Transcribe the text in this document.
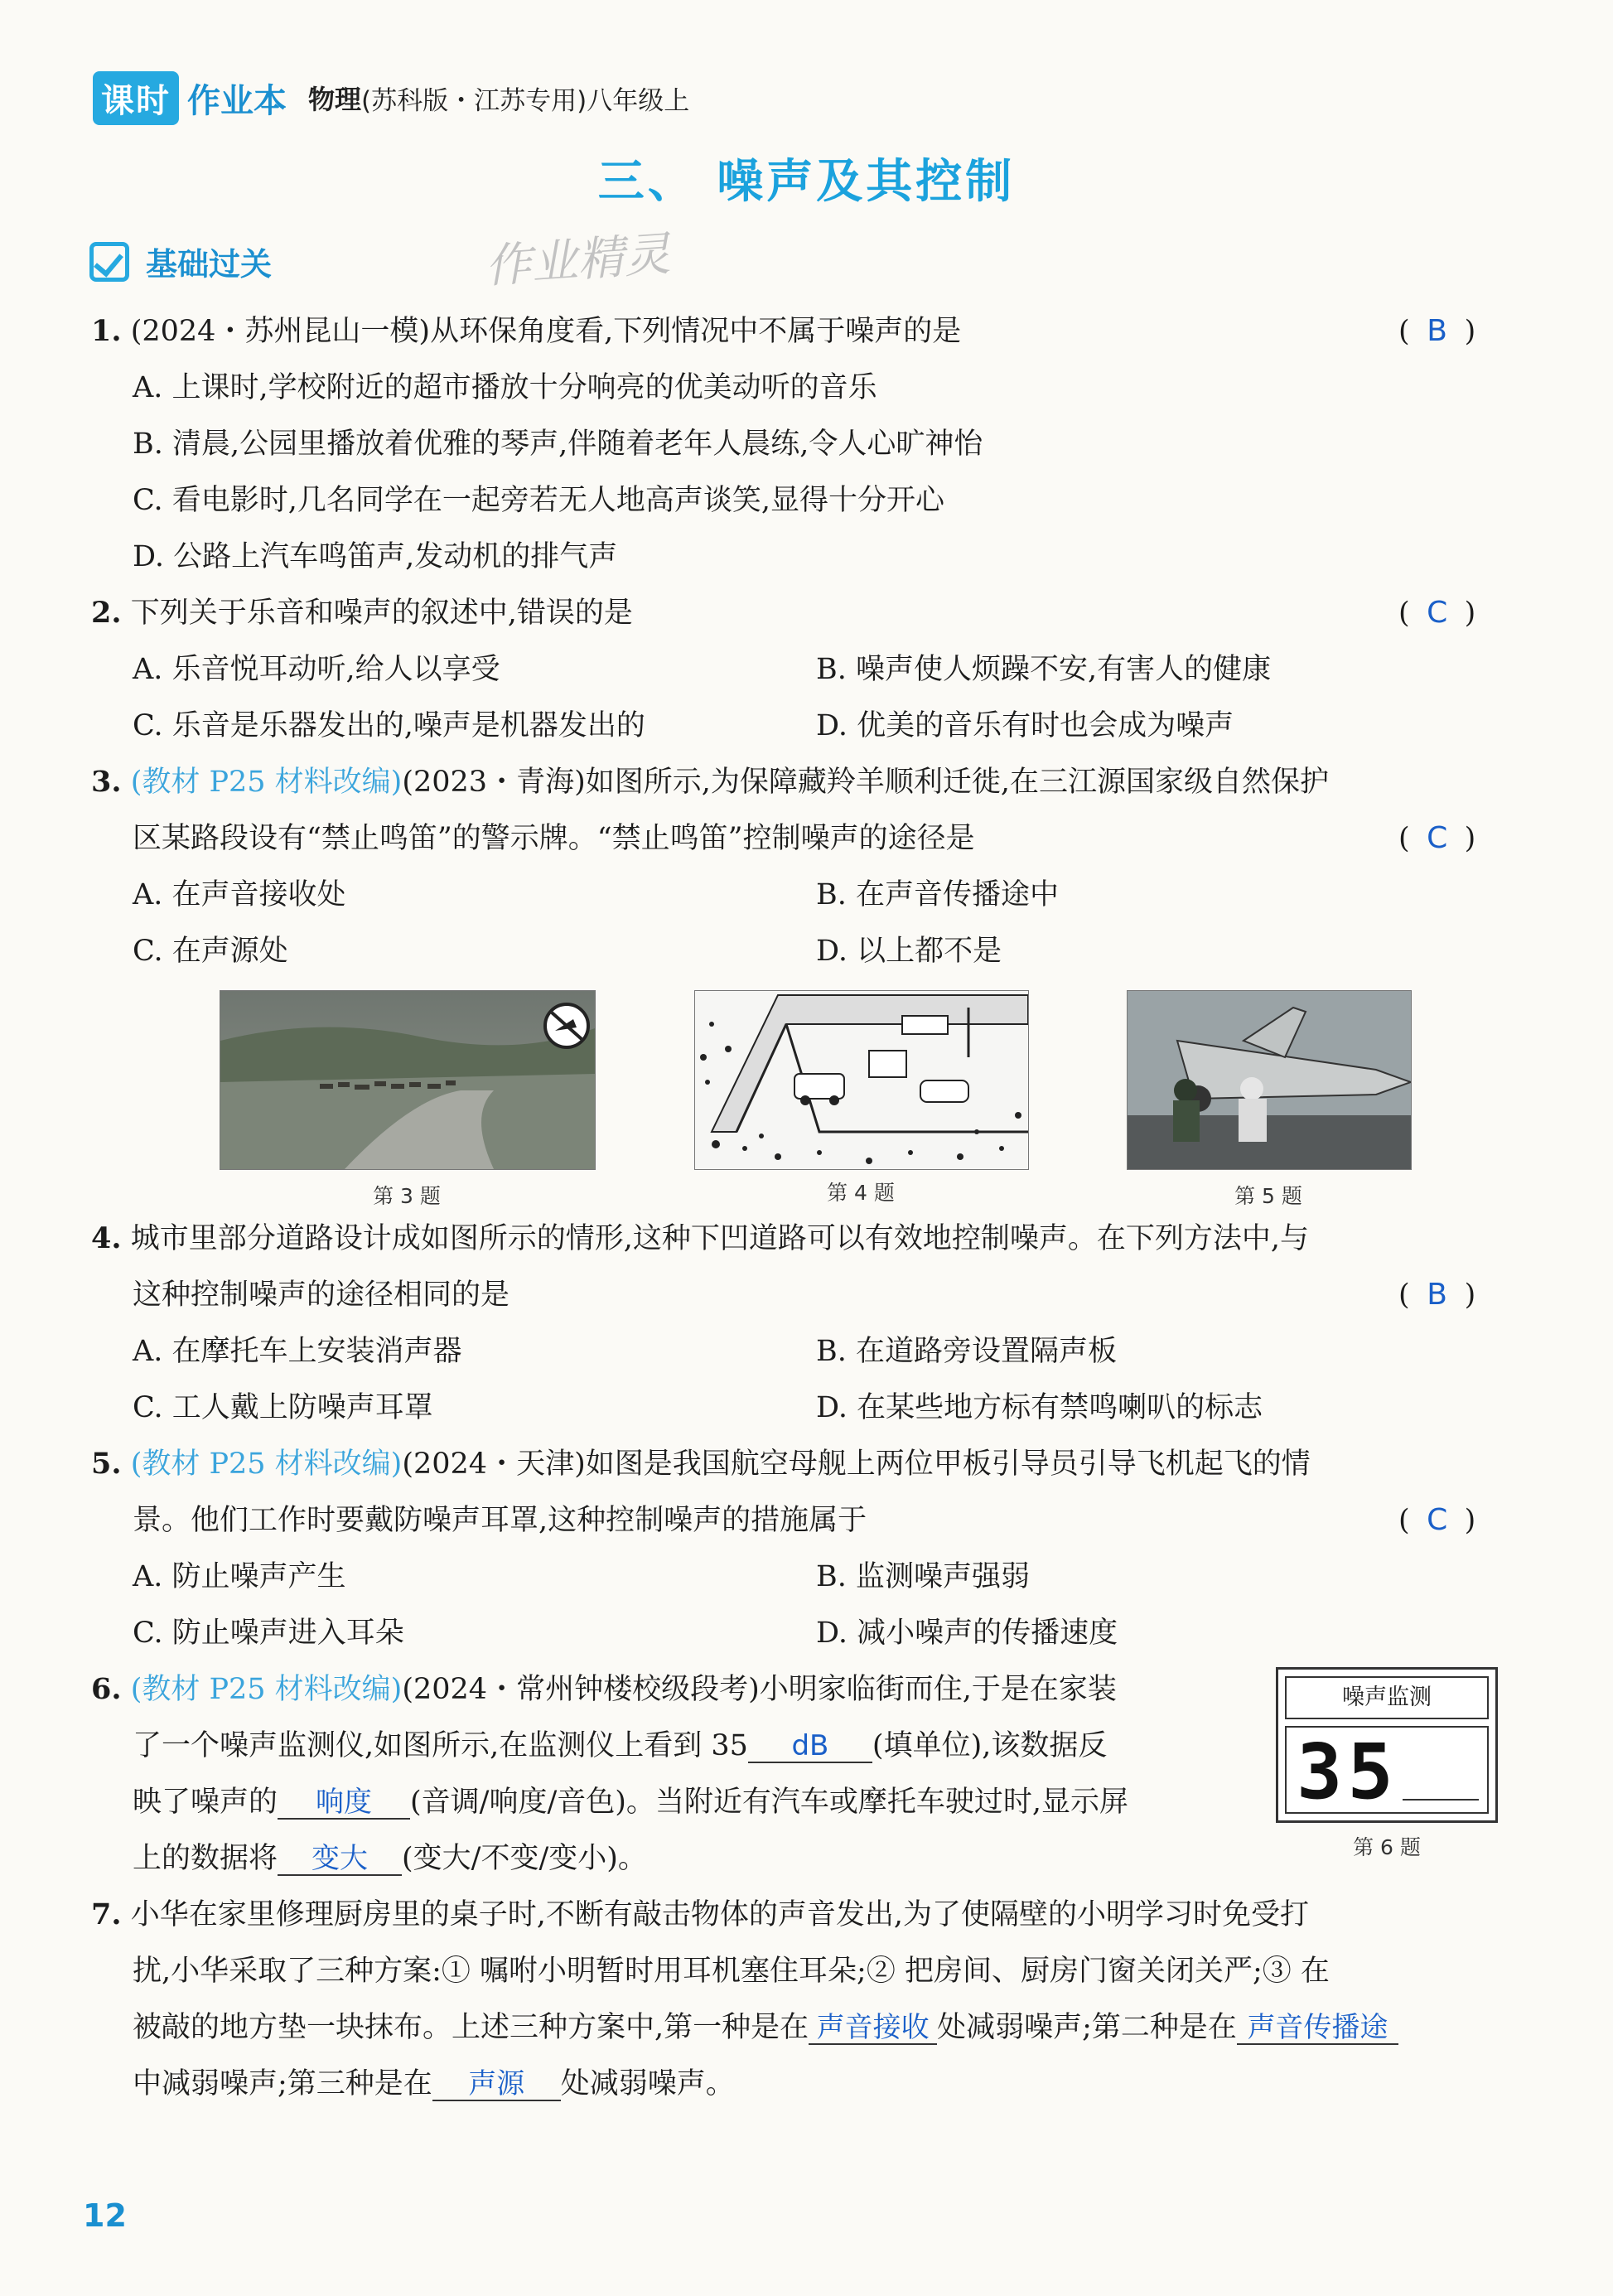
课时 作业本 物理 (苏科版・江苏专用) 八年级上
三、 噪声及其控制
基础过关	作业精灵
1. (2024・苏州昆山一模)从环保角度看,下列情况中不属于噪声的是	( B )
A. 上课时,学校附近的超市播放十分响亮的优美动听的音乐
B. 清晨,公园里播放着优雅的琴声,伴随着老年人晨练,令人心旷神怡
C. 看电影时,几名同学在一起旁若无人地高声谈笑,显得十分开心
D. 公路上汽车鸣笛声,发动机的排气声
2. 下列关于乐音和噪声的叙述中,错误的是	( C )
A. 乐音悦耳动听,给人以享受	B. 噪声使人烦躁不安,有害人的健康
C. 乐音是乐器发出的,噪声是机器发出的	D. 优美的音乐有时也会成为噪声
3. (教材 P25 材料改编)(2023・青海)如图所示,为保障藏羚羊顺利迁徙,在三江源国家级自然保护
区某路段设有“禁止鸣笛”的警示牌。“禁止鸣笛”控制噪声的途径是	( C )
A. 在声音接收处	B. 在声音传播途中
C. 在声源处	D. 以上都不是
第 3 题	第 4 题	第 5 题
4. 城市里部分道路设计成如图所示的情形,这种下凹道路可以有效地控制噪声。在下列方法中,与
这种控制噪声的途径相同的是	( B )
A. 在摩托车上安装消声器	B. 在道路旁设置隔声板
C. 工人戴上防噪声耳罩	D. 在某些地方标有禁鸣喇叭的标志
5. (教材 P25 材料改编)(2024・天津)如图是我国航空母舰上两位甲板引导员引导飞机起飞的情
景。他们工作时要戴防噪声耳罩,这种控制噪声的措施属于	( C )
A. 防止噪声产生	B. 监测噪声强弱
C. 防止噪声进入耳朵	D. 减小噪声的传播速度
6. (教材 P25 材料改编)(2024・常州钟楼校级段考)小明家临街而住,于是在家装
了一个噪声监测仪,如图所示,在监测仪上看到 35 dB (填单位),该数据反
映了噪声的 响度 (音调/响度/音色)。当附近有汽车或摩托车驶过时,显示屏
上的数据将 变大 (变大/不变/变小)。
噪声监测
35
第 6 题
7. 小华在家里修理厨房里的桌子时,不断有敲击物体的声音发出,为了使隔壁的小明学习时免受打
扰,小华采取了三种方案:① 嘱咐小明暂时用耳机塞住耳朵;② 把房间、厨房门窗关闭关严;③ 在
被敲的地方垫一块抹布。上述三种方案中,第一种是在 声音接收 处减弱噪声;第二种是在 声音传播途
中减弱噪声;第三种是在 声源 处减弱噪声。
12
